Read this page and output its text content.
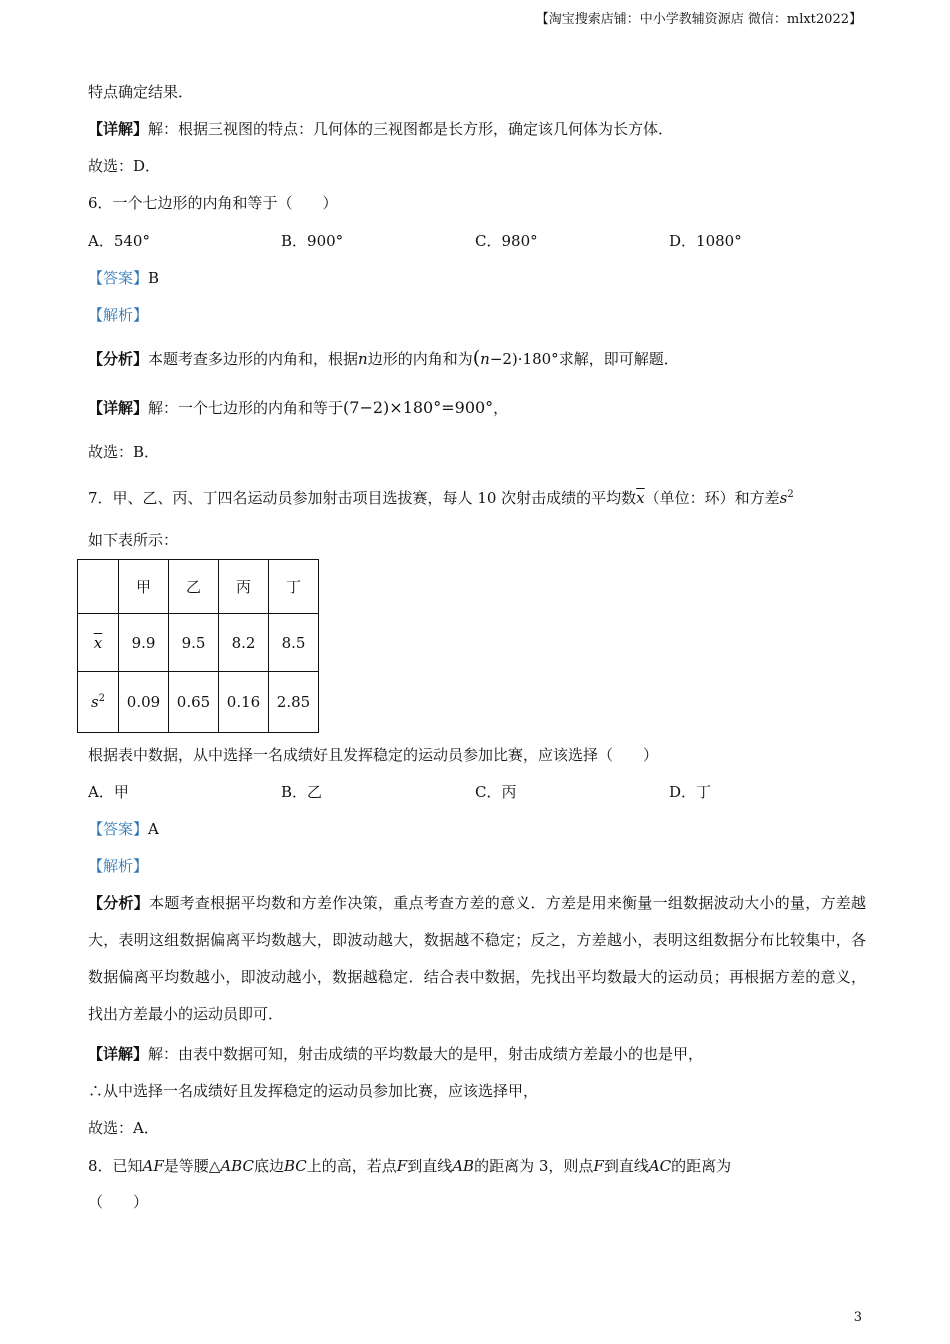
【淘宝搜索店铺：中小学教辅资源店 微信：mlxt2022】
特点确定结果．
【详解】解：根据三视图的特点：几何体的三视图都是长方形，确定该几何体为长方体．
故选：D．
6．一个七边形的内角和等于（　　）
A．540°	B．900°	C．980°	D．1080°
【答案】B
【解析】
【分析】本题考查多边形的内角和，根据n边形的内角和为(n−2)·180°求解，即可解题．
【详解】解：一个七边形的内角和等于(7−2)×180°=900°，
故选：B．
7．甲、乙、丙、丁四名运动员参加射击项目选拔赛，每人 10 次射击成绩的平均数$\overline{x}$（单位：环）和方差$s^2$
如下表所示：
	甲	乙	丙	丁
$\overline{x}$	9.9	9.5	8.2	8.5
$s^2$	0.09	0.65	0.16	2.85
根据表中数据，从中选择一名成绩好且发挥稳定的运动员参加比赛，应该选择（　　）
A．甲	B．乙	C．丙	D．丁
【答案】A
【解析】
【分析】本题考查根据平均数和方差作决策，重点考查方差的意义．方差是用来衡量一组数据波动大小的量，方差越大，表明这组数据偏离平均数越大，即波动越大，数据越不稳定；反之，方差越小，表明这组数据分布比较集中，各数据偏离平均数越小，即波动越小，数据越稳定．结合表中数据，先找出平均数最大的运动员；再根据方差的意义，找出方差最小的运动员即可．
【详解】解：由表中数据可知，射击成绩的平均数最大的是甲，射击成绩方差最小的也是甲，
∴从中选择一名成绩好且发挥稳定的运动员参加比赛，应该选择甲，
故选：A．
8．已知AF是等腰△ABC底边BC上的高，若点F到直线AB的距离为 3，则点F到直线AC的距离为
（　　）
3
